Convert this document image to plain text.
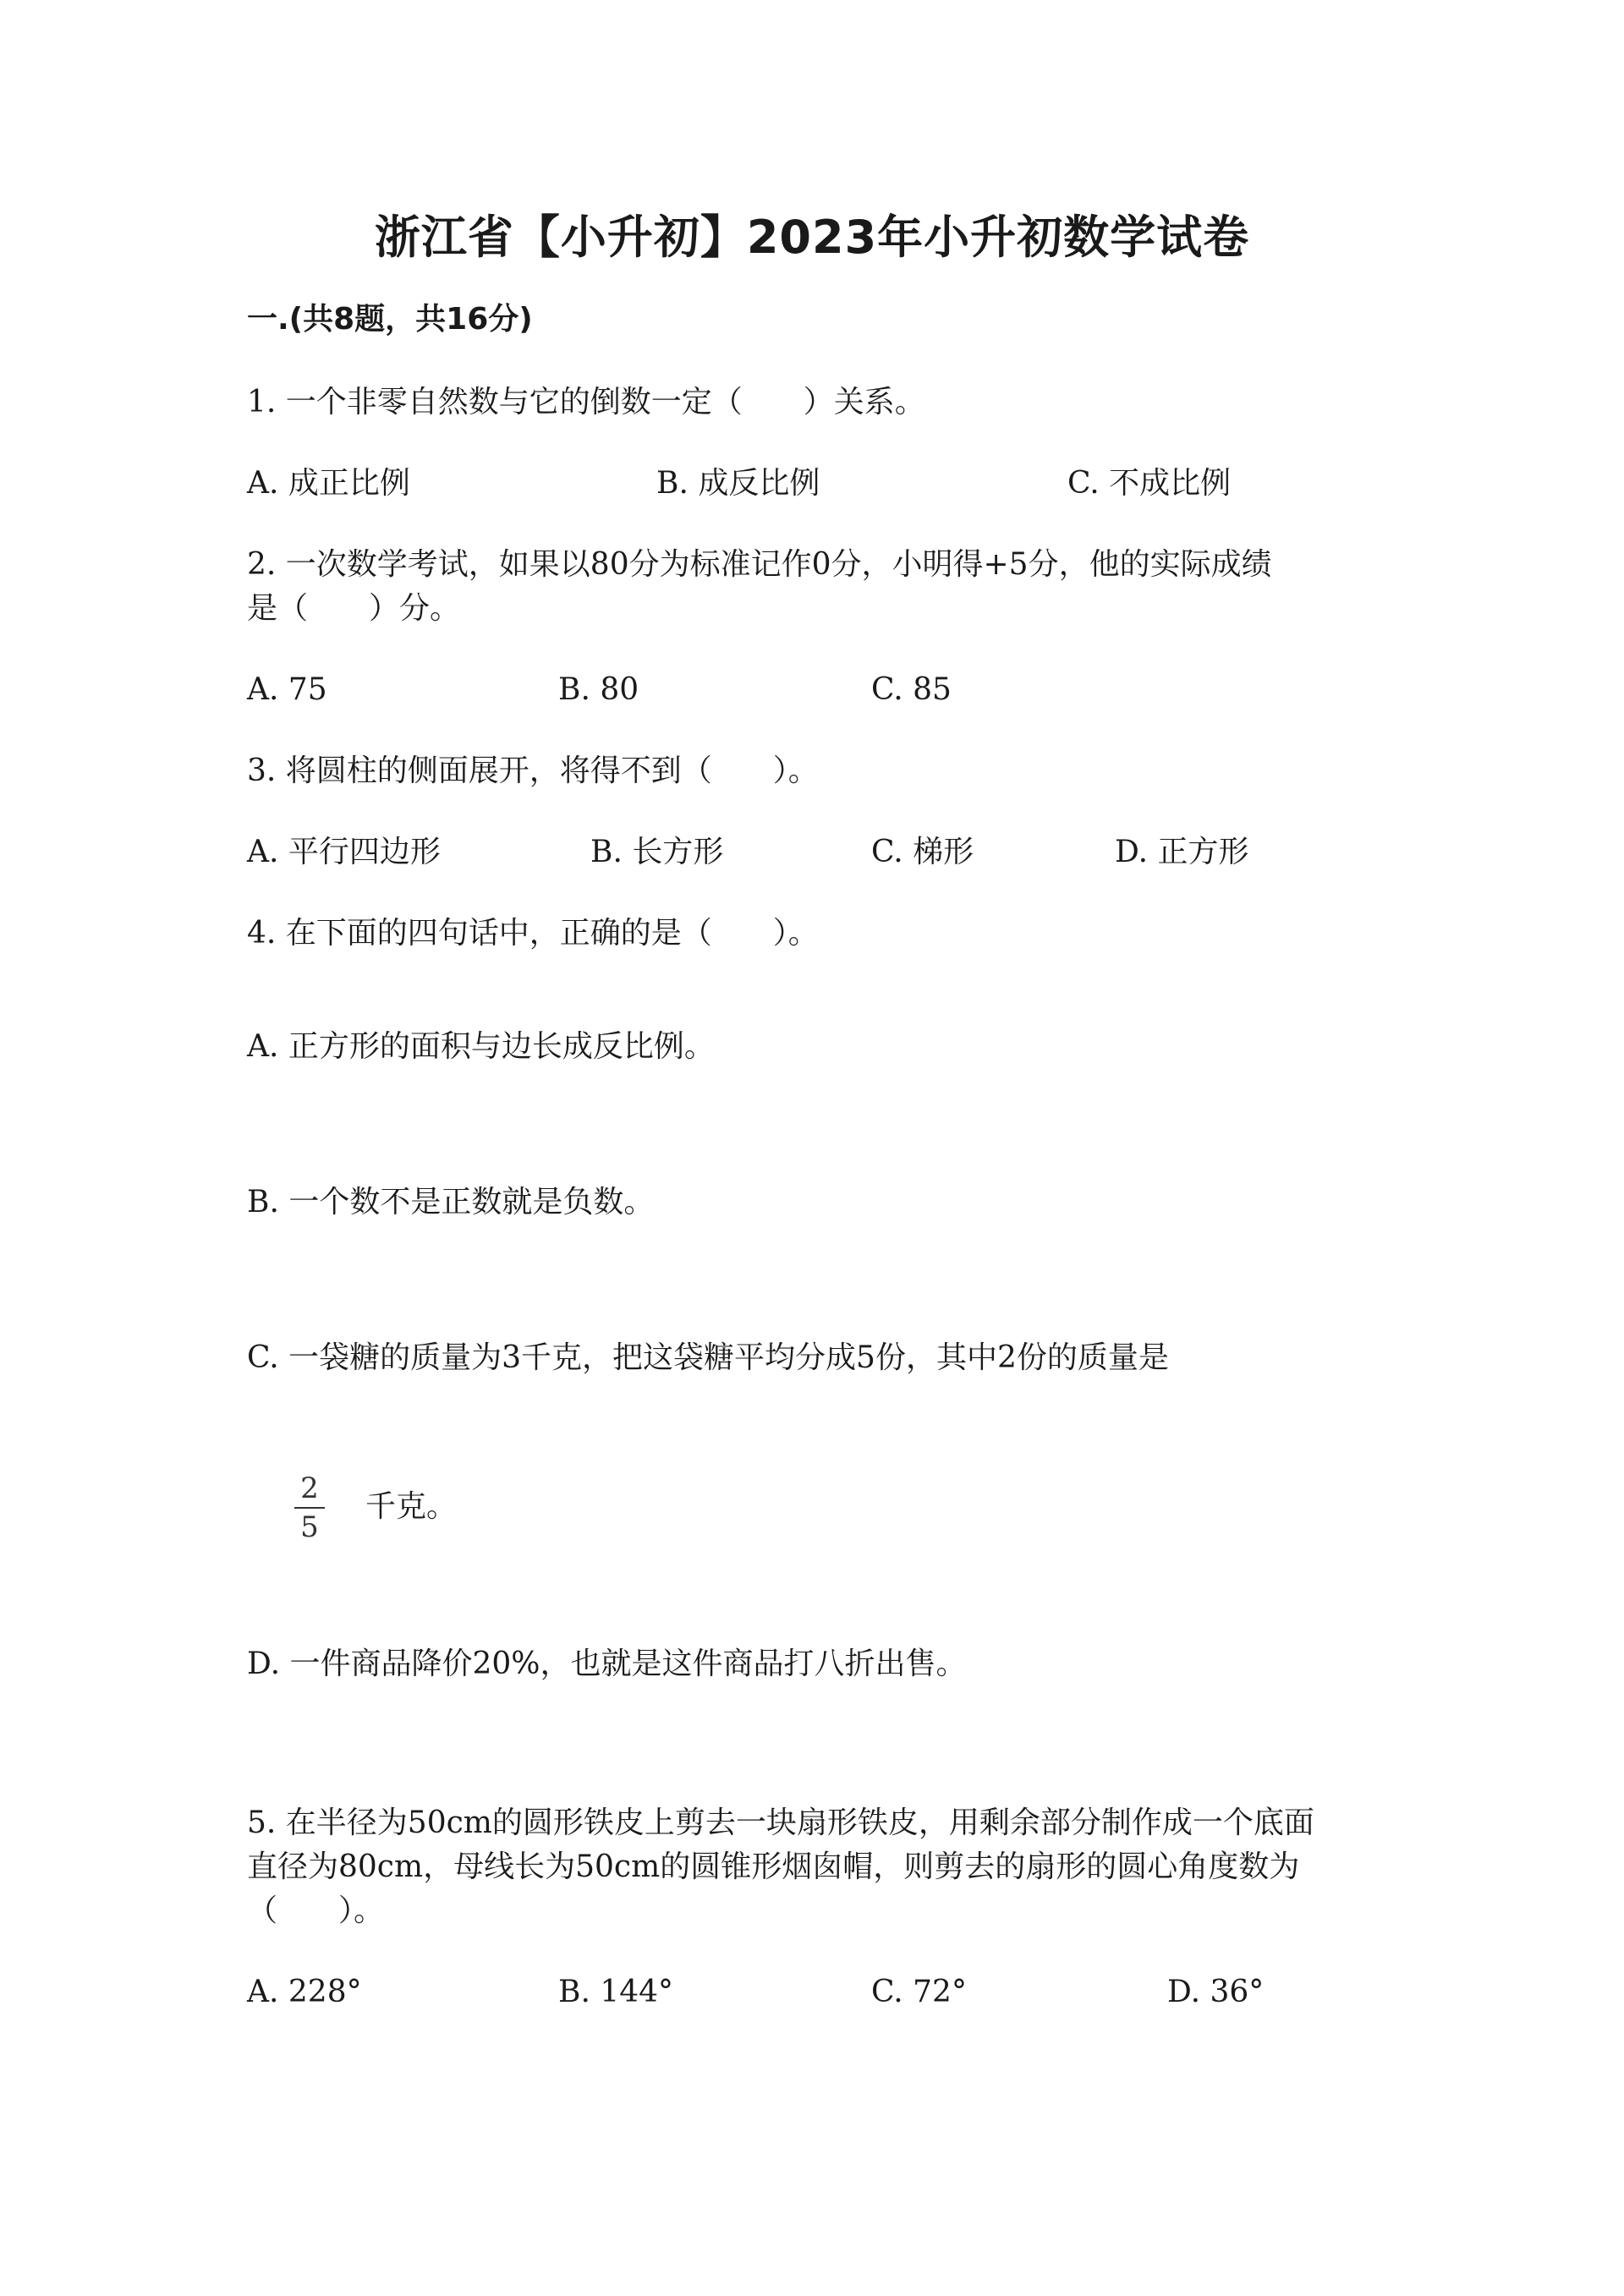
浙江省【小升初】2023年小升初数学试卷
一.(共8题，共16分)
1. 一个非零自然数与它的倒数一定（　　）关系。
A. 成正比例	B. 成反比例	C. 不成比例
2. 一次数学考试，如果以80分为标准记作0分，小明得+5分，他的实际成绩
是（　　）分。
A. 75	B. 80	C. 85
3. 将圆柱的侧面展开，将得不到（　　）。
A. 平行四边形	B. 长方形	C. 梯形	D. 正方形
4. 在下面的四句话中，正确的是（　　）。
A. 正方形的面积与边长成反比例。
B. 一个数不是正数就是负数。
C. 一袋糖的质量为3千克，把这袋糖平均分成5份，其中2份的质量是
2
5
千克。
D. 一件商品降价20%，也就是这件商品打八折出售。
5. 在半径为50cm的圆形铁皮上剪去一块扇形铁皮，用剩余部分制作成一个底面
直径为80cm，母线长为50cm的圆锥形烟囱帽，则剪去的扇形的圆心角度数为
（　　）。
A. 228°	B. 144°	C. 72°	D. 36°
